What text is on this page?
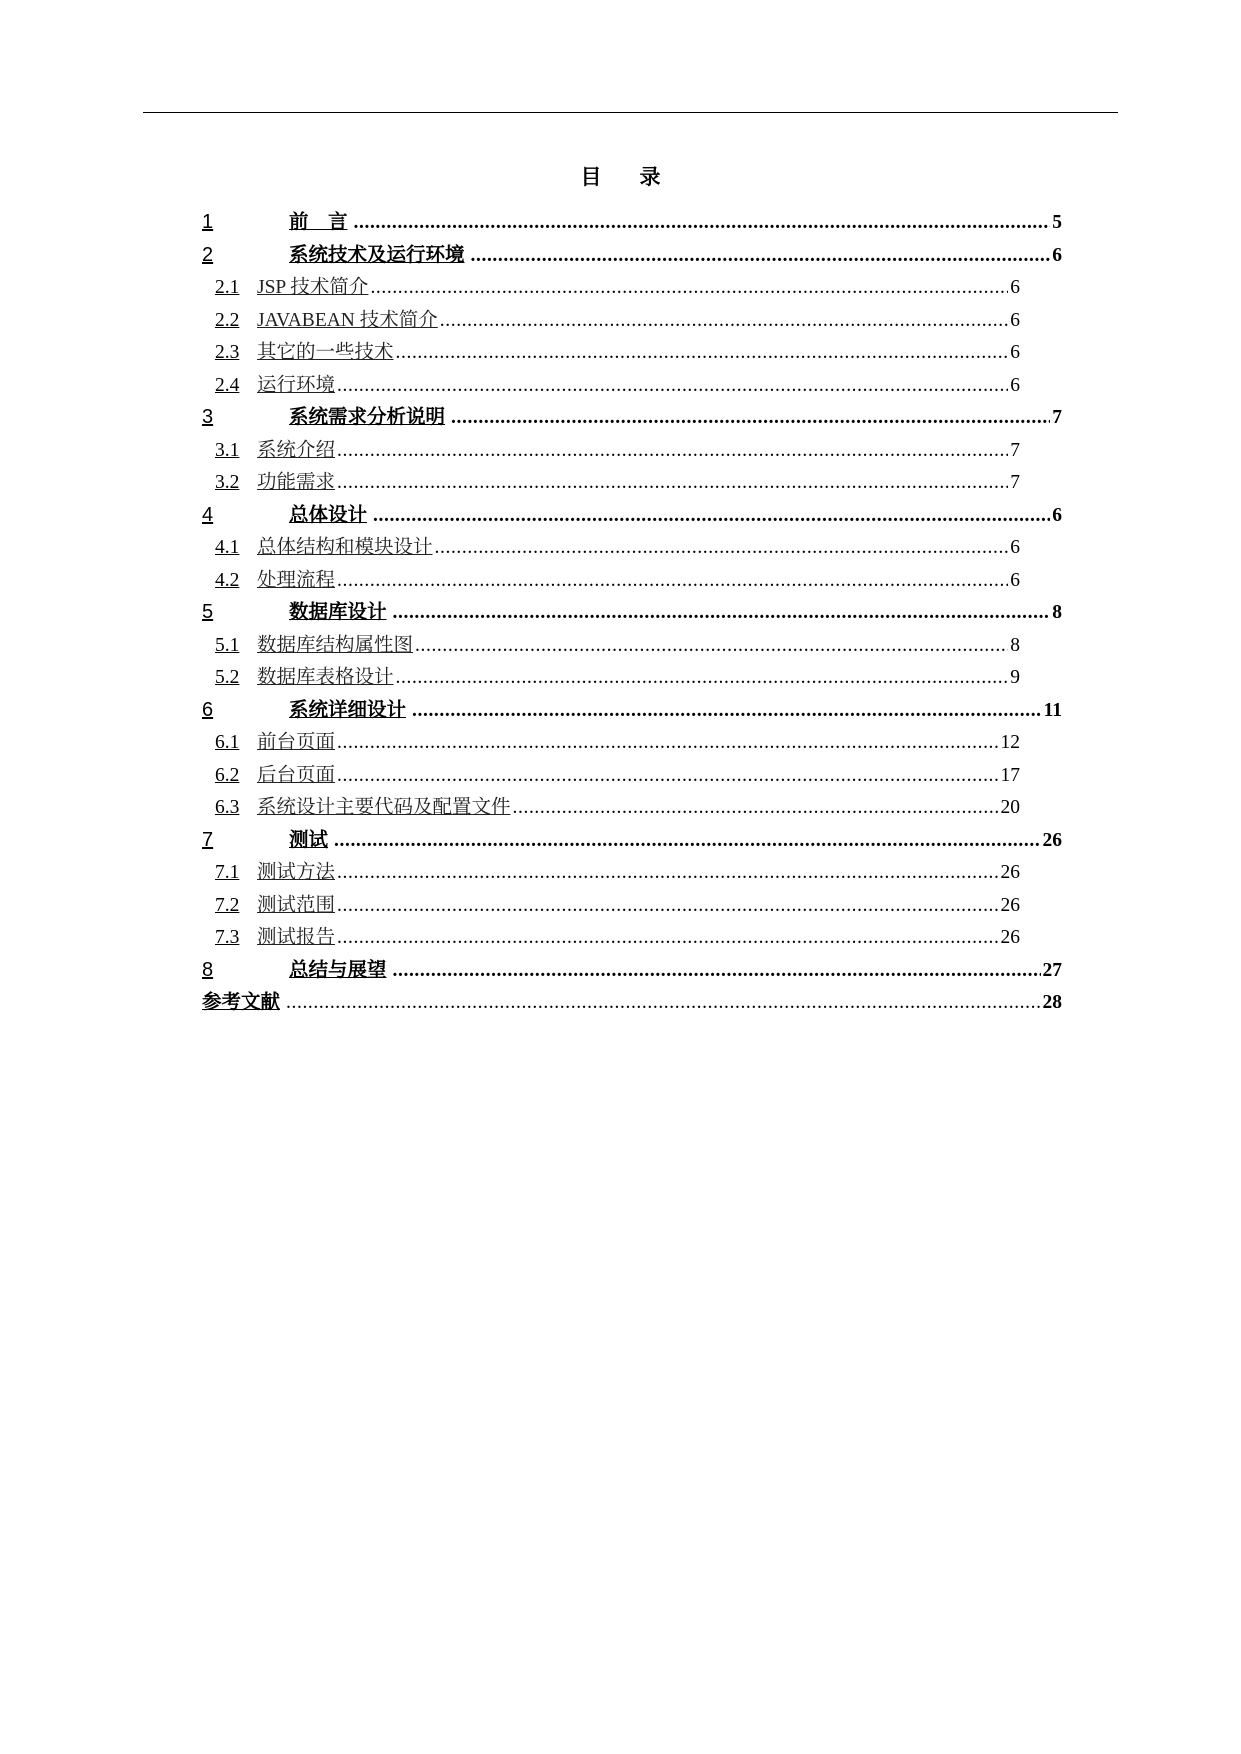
目录
1	前　言 .....	5
2	系统技术及运行环境 .....	6
2.1 JSP 技术简介 .....	6
2.2 JAVABEAN 技术简介 .....	6
2.3 其它的一些技术 .....	6
2.4 运行环境 .....	6
3	系统需求分析说明 .....	7
3.1 系统介绍 .....	7
3.2 功能需求 .....	7
4	总体设计 .....	6
4.1 总体结构和模块设计 .....	6
4.2 处理流程 .....	6
5	数据库设计 .....	8
5.1 数据库结构属性图 .....	8
5.2 数据库表格设计 .....	9
6	系统详细设计 .....	11
6.1 前台页面 .....	12
6.2 后台页面 .....	17
6.3 系统设计主要代码及配置文件 .....	20
7	测试 .....	26
7.1 测试方法 .....	26
7.2 测试范围 .....	26
7.3 测试报告 .....	26
8	总结与展望 .....	27
参考文献 .....	28
